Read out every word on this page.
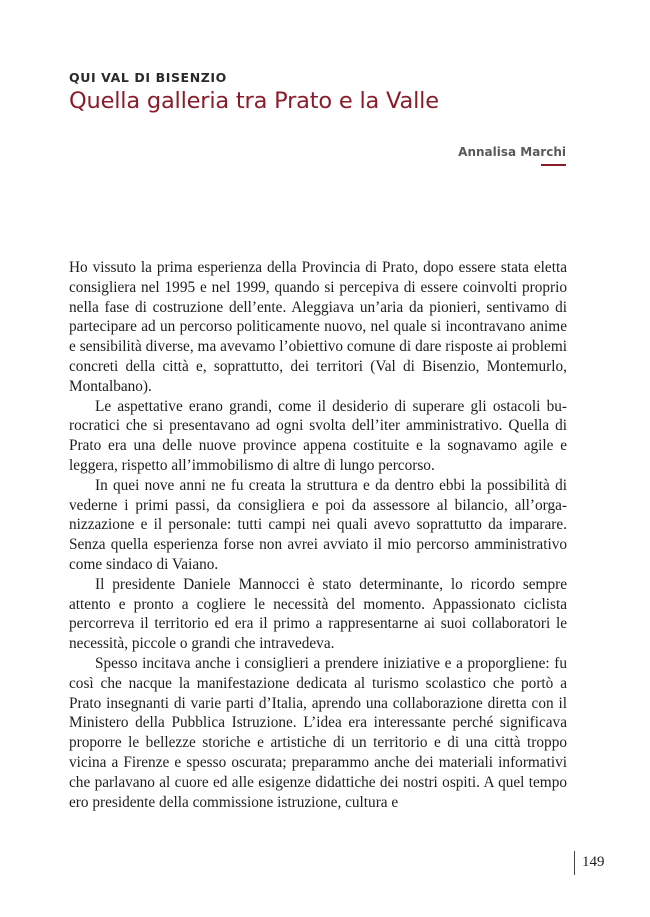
QUI VAL DI BISENZIO
Quella galleria tra Prato e la Valle
Annalisa Marchi

Ho vissuto la prima esperienza della Provincia di Prato, dopo essere stata eletta consigliera nel 1995 e nel 1999, quando si percepiva di essere coinvolti proprio nella fase di costruzione dell’ente. Aleggiava un’aria da pionieri, sentivamo di partecipare ad un percorso politicamente nuovo, nel quale si incontravano anime e sensibilità diverse, ma avevamo l’obiettivo comune di dare risposte ai problemi concreti della città e, soprattutto, dei territori (Val di Bisenzio, Montemurlo, Montalbano).

Le aspettative erano grandi, come il desiderio di superare gli ostacoli burocratici che si presentavano ad ogni svolta dell’iter amministrativo. Quella di Prato era una delle nuove province appena costituite e la sognavamo agile e leggera, rispetto all’immobilismo di altre di lungo percorso.

In quei nove anni ne fu creata la struttura e da dentro ebbi la possibilità di vederne i primi passi, da consigliera e poi da assessore al bilancio, all’organizzazione e il personale: tutti campi nei quali avevo soprattutto da imparare. Senza quella esperienza forse non avrei avviato il mio percorso amministrativo come sindaco di Vaiano.

Il presidente Daniele Mannocci è stato determinante, lo ricordo sempre attento e pronto a cogliere le necessità del momento. Appassionato ciclista percorreva il territorio ed era il primo a rappresentarne ai suoi collaboratori le necessità, piccole o grandi che intravedeva.

Spesso incitava anche i consiglieri a prendere iniziative e a proporgliene: fu così che nacque la manifestazione dedicata al turismo scolastico che portò a Prato insegnanti di varie parti d’Italia, aprendo una collaborazione diretta con il Ministero della Pubblica Istruzione. L’idea era interessante perché significava proporre le bellezze storiche e artistiche di un territorio e di una città troppo vicina a Firenze e spesso oscurata; preparammo anche dei materiali informativi che parlavano al cuore ed alle esigenze didattiche dei nostri ospiti. A quel tempo ero presidente della commissione istruzione, cultura e

149
